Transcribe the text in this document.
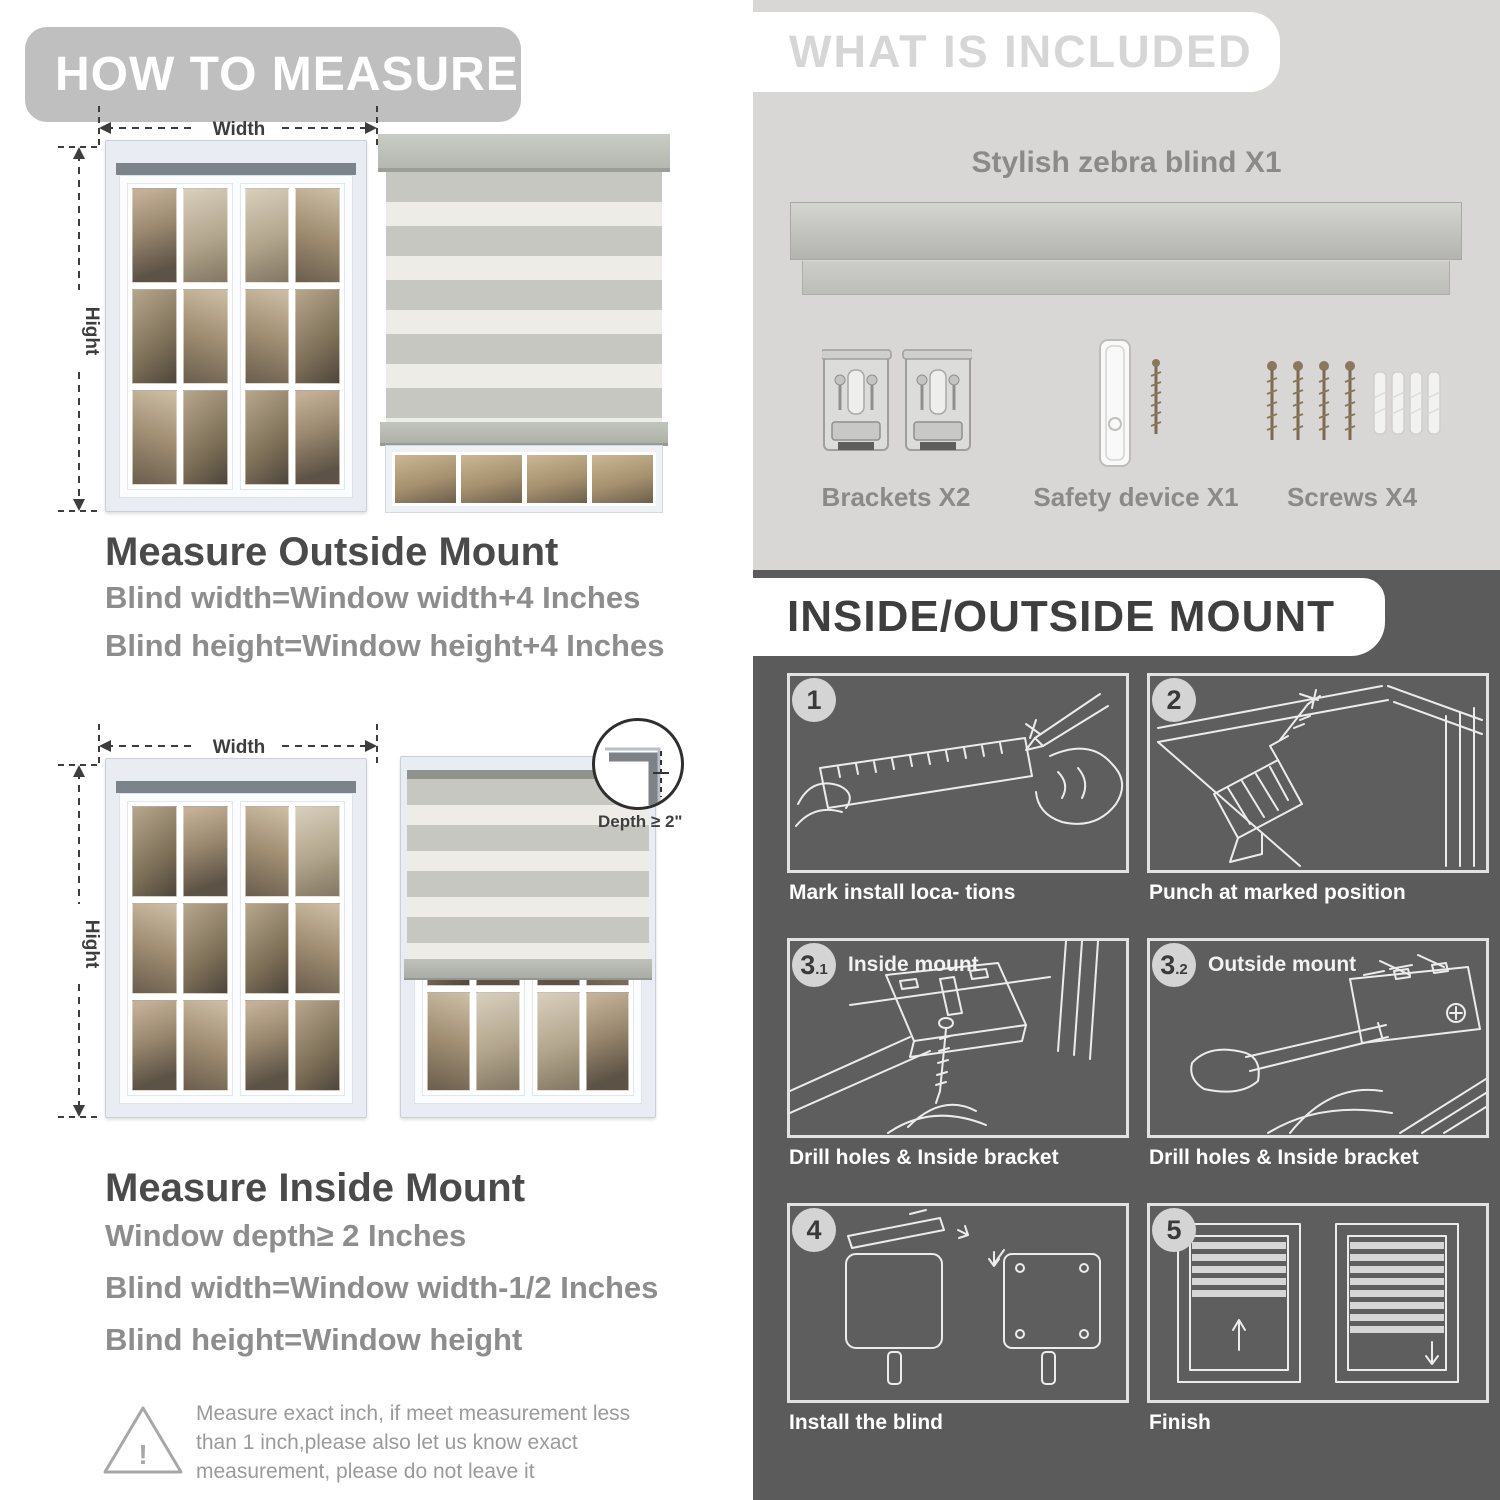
HOW TO MEASURE
Width
Hight
Measure Outside Mount
Blind width=Window width+4 Inches
Blind height=Window height+4 Inches
Width
Hight
Depth ≥ 2"
Measure Inside Mount
Window depth≥ 2 Inches
Blind width=Window width-1/2 Inches
Blind height=Window height
!
Measure exact inch, if meet measurement less than 1 inch,please also let us know exact measurement, please do not leave it
WHAT IS INCLUDED
Stylish zebra blind X1
Brackets X2	Safety device X1	Screws X4
INSIDE/OUTSIDE MOUNT
1
Mark install loca- tions
2
Punch at marked position
3.1 Inside mount
Drill holes & Inside bracket
3.2 Outside mount
Drill holes & Inside bracket
4
Install the blind
5
Finish
